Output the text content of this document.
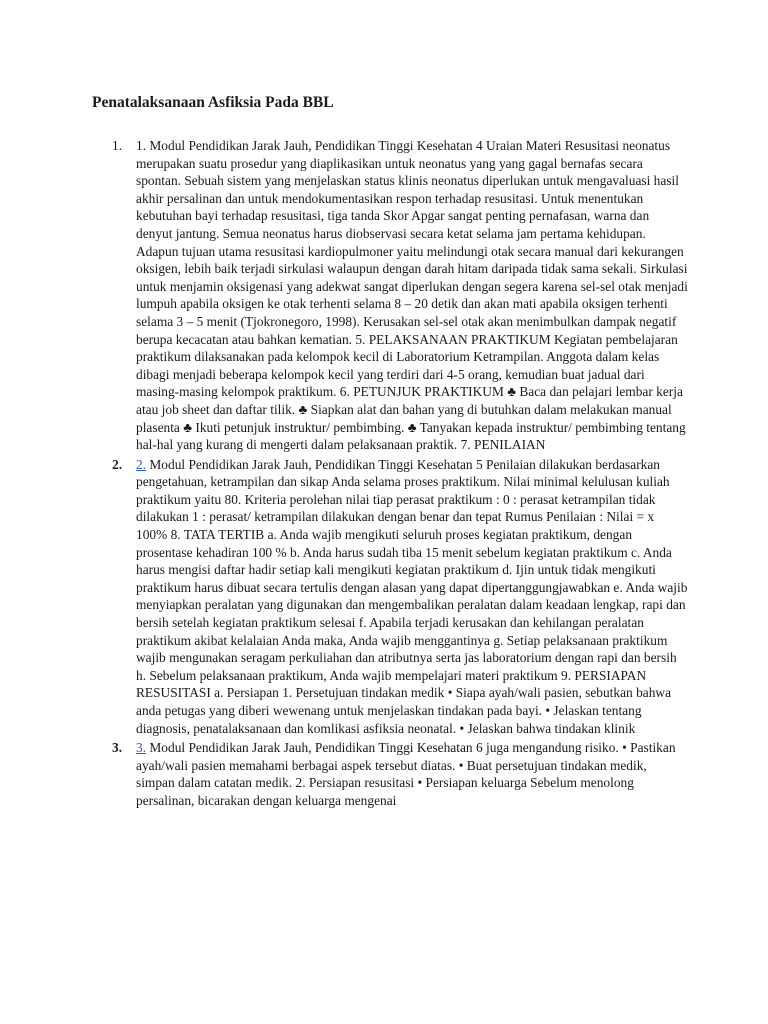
Penatalaksanaan Asfiksia Pada BBL
1. 1. Modul Pendidikan Jarak Jauh, Pendidikan Tinggi Kesehatan 4 Uraian Materi Resusitasi neonatus merupakan suatu prosedur yang diaplikasikan untuk neonatus yang yang gagal bernafas secara spontan. Sebuah sistem yang menjelaskan status klinis neonatus diperlukan untuk mengavaluasi hasil akhir persalinan dan untuk mendokumentasikan respon terhadap resusitasi. Untuk menentukan kebutuhan bayi terhadap resusitasi, tiga tanda Skor Apgar sangat penting pernafasan, warna dan denyut jantung. Semua neonatus harus diobservasi secara ketat selama jam pertama kehidupan. Adapun tujuan utama resusitasi kardiopulmoner yaitu melindungi otak secara manual dari kekurangen oksigen, lebih baik terjadi sirkulasi walaupun dengan darah hitam daripada tidak sama sekali. Sirkulasi untuk menjamin oksigenasi yang adekwat sangat diperlukan dengan segera karena sel-sel otak menjadi lumpuh apabila oksigen ke otak terhenti selama 8 – 20 detik dan akan mati apabila oksigen terhenti selama 3 – 5 menit (Tjokronegoro, 1998). Kerusakan sel-sel otak akan menimbulkan dampak negatif berupa kecacatan atau bahkan kematian. 5. PELAKSANAAN PRAKTIKUM Kegiatan pembelajaran praktikum dilaksanakan pada kelompok kecil di Laboratorium Ketrampilan. Anggota dalam kelas dibagi menjadi beberapa kelompok kecil yang terdiri dari 4-5 orang, kemudian buat jadual dari masing-masing kelompok praktikum. 6. PETUNJUK PRAKTIKUM ♣ Baca dan pelajari lembar kerja atau job sheet dan daftar tilik. ♣ Siapkan alat dan bahan yang di butuhkan dalam melakukan manual plasenta ♣ Ikuti petunjuk instruktur/ pembimbing. ♣ Tanyakan kepada instruktur/ pembimbing tentang hal-hal yang kurang di mengerti dalam pelaksanaan praktik. 7. PENILAIAN
2. 2. Modul Pendidikan Jarak Jauh, Pendidikan Tinggi Kesehatan 5 Penilaian dilakukan berdasarkan pengetahuan, ketrampilan dan sikap Anda selama proses praktikum. Nilai minimal kelulusan kuliah praktikum yaitu 80. Kriteria perolehan nilai tiap perasat praktikum : 0 : perasat ketrampilan tidak dilakukan 1 : perasat/ ketrampilan dilakukan dengan benar dan tepat Rumus Penilaian : Nilai = x 100% 8. TATA TERTIB a. Anda wajib mengikuti seluruh proses kegiatan praktikum, dengan prosentase kehadiran 100 % b. Anda harus sudah tiba 15 menit sebelum kegiatan praktikum c. Anda harus mengisi daftar hadir setiap kali mengikuti kegiatan praktikum d. Ijin untuk tidak mengikuti praktikum harus dibuat secara tertulis dengan alasan yang dapat dipertanggungjawabkan e. Anda wajib menyiapkan peralatan yang digunakan dan mengembalikan peralatan dalam keadaan lengkap, rapi dan bersih setelah kegiatan praktikum selesai f. Apabila terjadi kerusakan dan kehilangan peralatan praktikum akibat kelalaian Anda maka, Anda wajib menggantinya g. Setiap pelaksanaan praktikum wajib mengunakan seragam perkuliahan dan atributnya serta jas laboratorium dengan rapi dan bersih h. Sebelum pelaksanaan praktikum, Anda wajib mempelajari materi praktikum 9. PERSIAPAN RESUSITASI a. Persiapan 1. Persetujuan tindakan medik • Siapa ayah/wali pasien, sebutkan bahwa anda petugas yang diberi wewenang untuk menjelaskan tindakan pada bayi. • Jelaskan tentang diagnosis, penatalaksanaan dan komlikasi asfiksia neonatal. • Jelaskan bahwa tindakan klinik
3. 3. Modul Pendidikan Jarak Jauh, Pendidikan Tinggi Kesehatan 6 juga mengandung risiko. • Pastikan ayah/wali pasien memahami berbagai aspek tersebut diatas. • Buat persetujuan tindakan medik, simpan dalam catatan medik. 2. Persiapan resusitasi • Persiapan keluarga Sebelum menolong persalinan, bicarakan dengan keluarga mengenai
